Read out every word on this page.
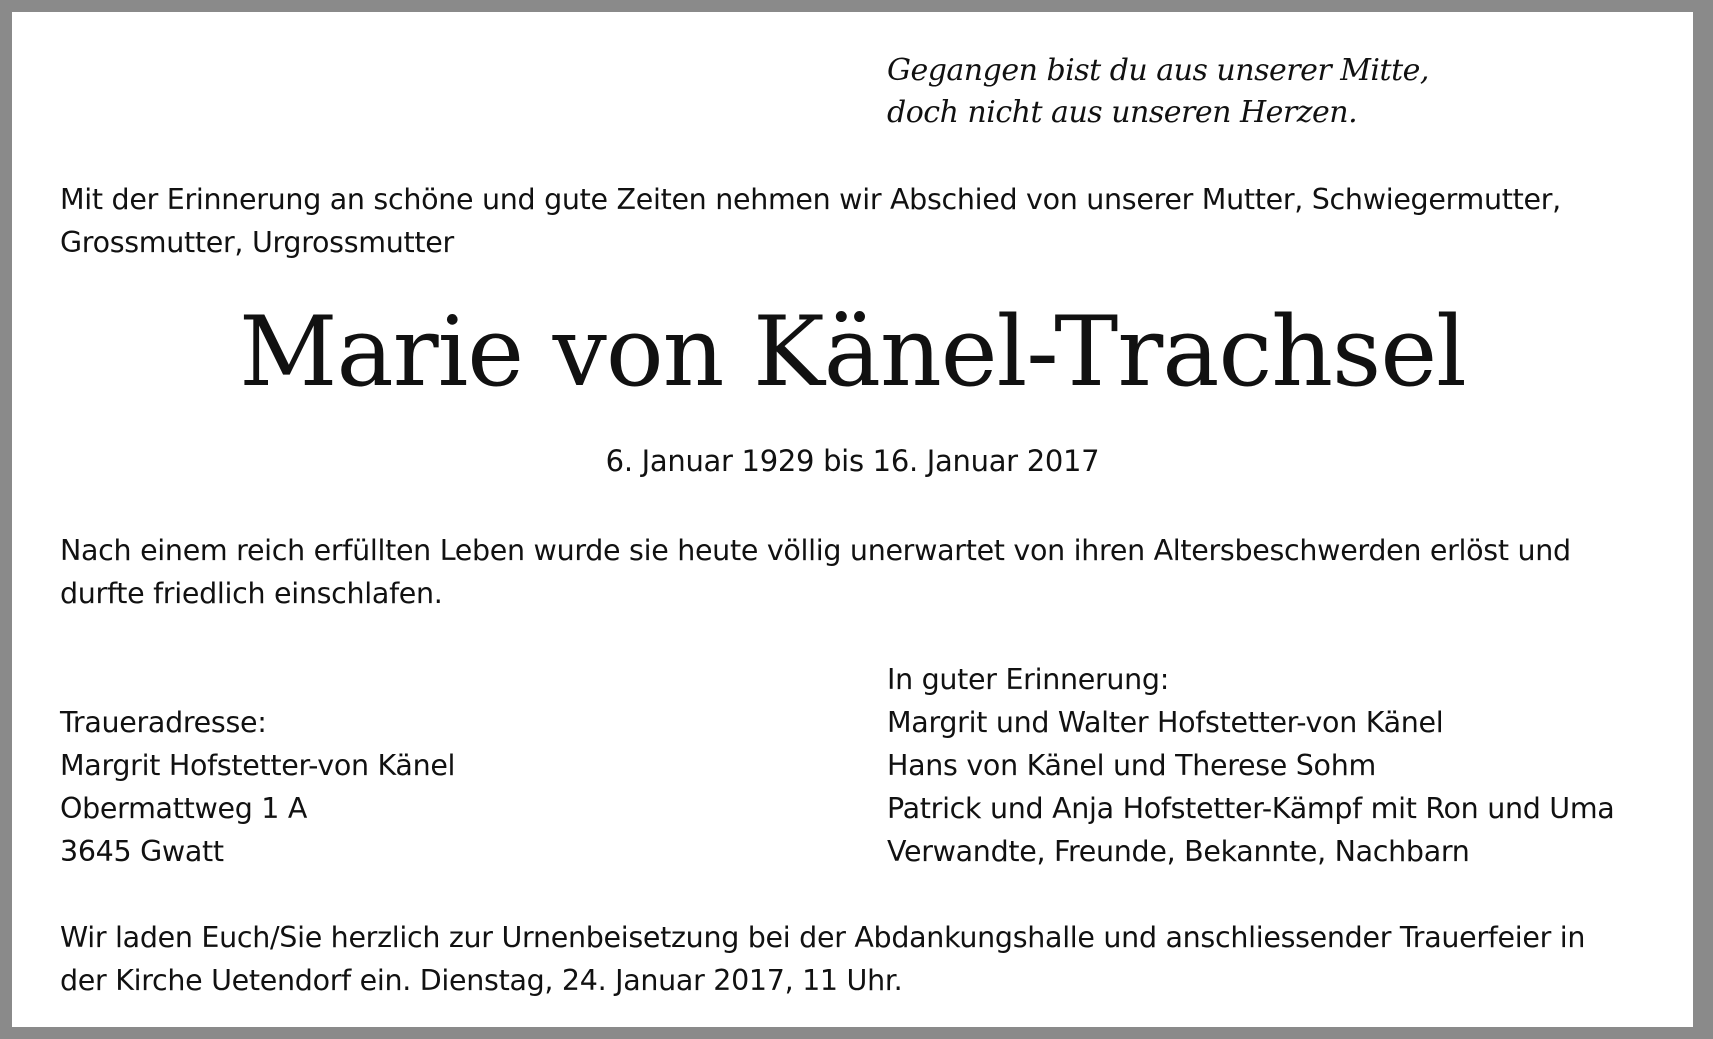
Gegangen bist du aus unserer Mitte,
doch nicht aus unseren Herzen.
Mit der Erinnerung an schöne und gute Zeiten nehmen wir Abschied von unserer Mutter, Schwiegermutter,
Grossmutter, Urgrossmutter
Marie von Känel-Trachsel
6. Januar 1929 bis 16. Januar 2017
Nach einem reich erfüllten Leben wurde sie heute völlig unerwartet von ihren Altersbeschwerden erlöst und
durfte friedlich einschlafen.
Traueradresse:
Margrit Hofstetter-von Känel
Obermattweg 1 A
3645 Gwatt
In guter Erinnerung:
Margrit und Walter Hofstetter-von Känel
Hans von Känel und Therese Sohm
Patrick und Anja Hofstetter-Kämpf mit Ron und Uma
Verwandte, Freunde, Bekannte, Nachbarn
Wir laden Euch/Sie herzlich zur Urnenbeisetzung bei der Abdankungshalle und anschliessender Trauerfeier in
der Kirche Uetendorf ein. Dienstag, 24. Januar 2017, 11 Uhr.
